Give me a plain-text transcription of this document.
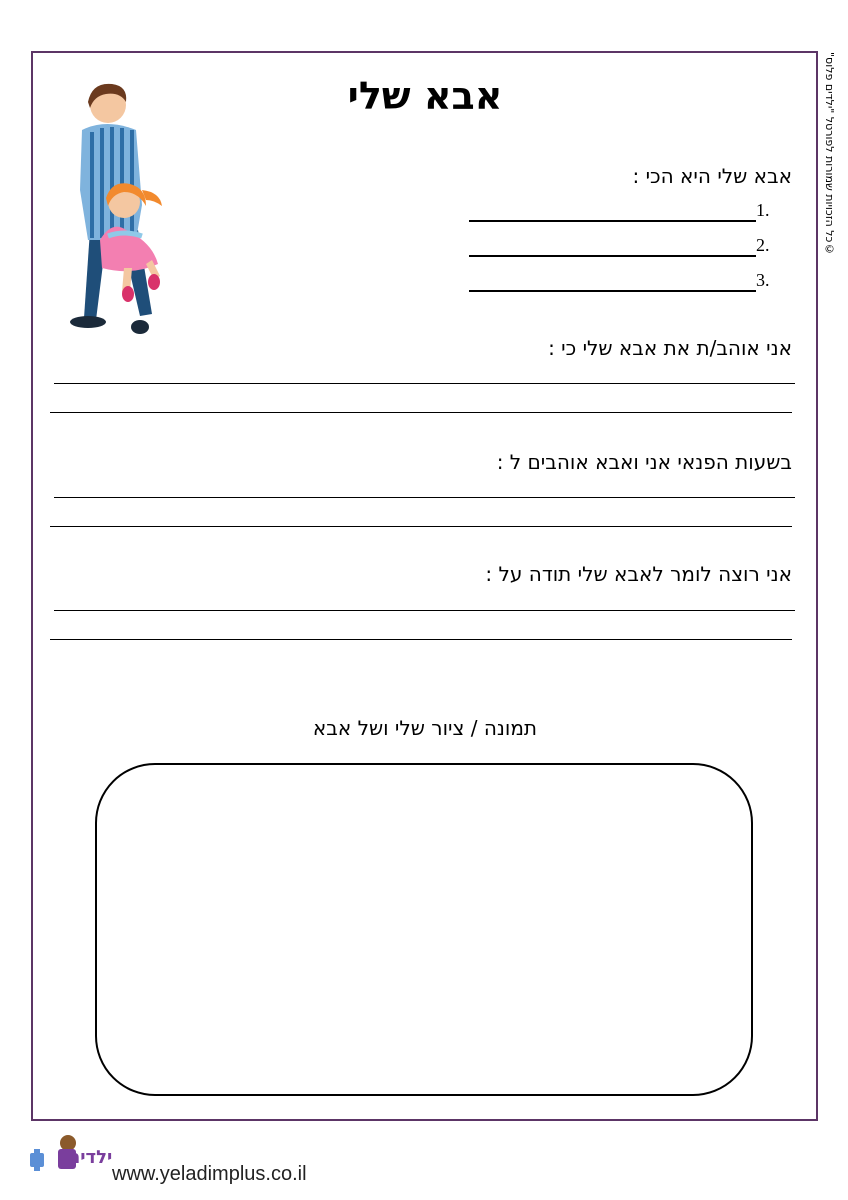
©כל הזכויות שמורות לפורטל "ילדים פלוס"
אבא שלי
אבא שלי היא הכי :
1.
2.
3.
אני אוהב/ת את אבא שלי כי :
בשעות הפנאי אני ואבא אוהבים ל :
אני רוצה לומר לאבא שלי תודה על :
תמונה / ציור שלי ושל אבא
ילדים
www.yeladimplus.co.il
